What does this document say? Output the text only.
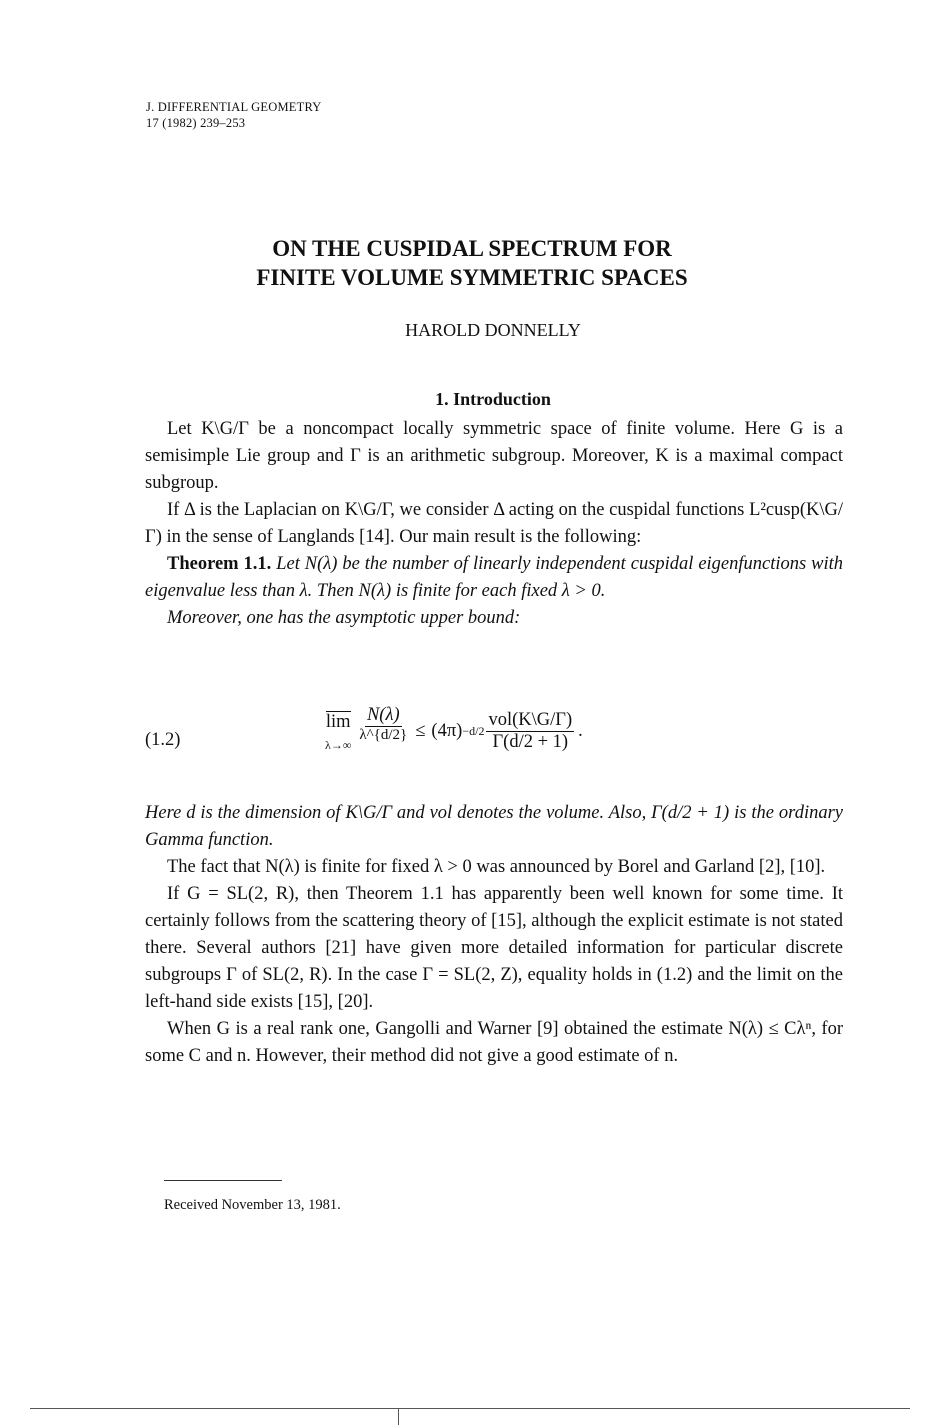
J. DIFFERENTIAL GEOMETRY
17 (1982) 239–253
ON THE CUSPIDAL SPECTRUM FOR
FINITE VOLUME SYMMETRIC SPACES
HAROLD DONNELLY
1. Introduction

Let K\G/Γ be a noncompact locally symmetric space of finite volume. Here G is a semisimple Lie group and Γ is an arithmetic subgroup. Moreover, K is a maximal compact subgroup.

If Δ is the Laplacian on K\G/Γ, we consider Δ acting on the cuspidal functions L²cusp(K\G/Γ) in the sense of Langlands [14]. Our main result is the following:

Theorem 1.1. Let N(λ) be the number of linearly independent cuspidal eigenfunctions with eigenvalue less than λ. Then N(λ) is finite for each fixed λ > 0.

Moreover, one has the asymptotic upper bound:

(1.2)
lim
λ→∞
$\frac{N(\lambda)}{\lambda\^{}\{d/2\}} \le (4\pi) -d/2 \frac{\text{vol(K\textbackslash{}G/Γ)}}{\Gamma(d/2 + 1)}$ .

Here d is the dimension of K\G/Γ and vol denotes the volume. Also, Γ(d/2 + 1) is the ordinary Gamma function.

The fact that N(λ) is finite for fixed λ > 0 was announced by Borel and Garland [2], [10].

If G = SL(2, R), then Theorem 1.1 has apparently been well known for some time. It certainly follows from the scattering theory of [15], although the explicit estimate is not stated there. Several authors [21] have given more detailed information for particular discrete subgroups Γ of SL(2, R). In the case Γ = SL(2, Z), equality holds in (1.2) and the limit on the left-hand side exists [15], [20].

When G is a real rank one, Gangolli and Warner [9] obtained the estimate N(λ) ≤ Cλⁿ, for some C and n. However, their method did not give a good estimate of n.

Received November 13, 1981.
